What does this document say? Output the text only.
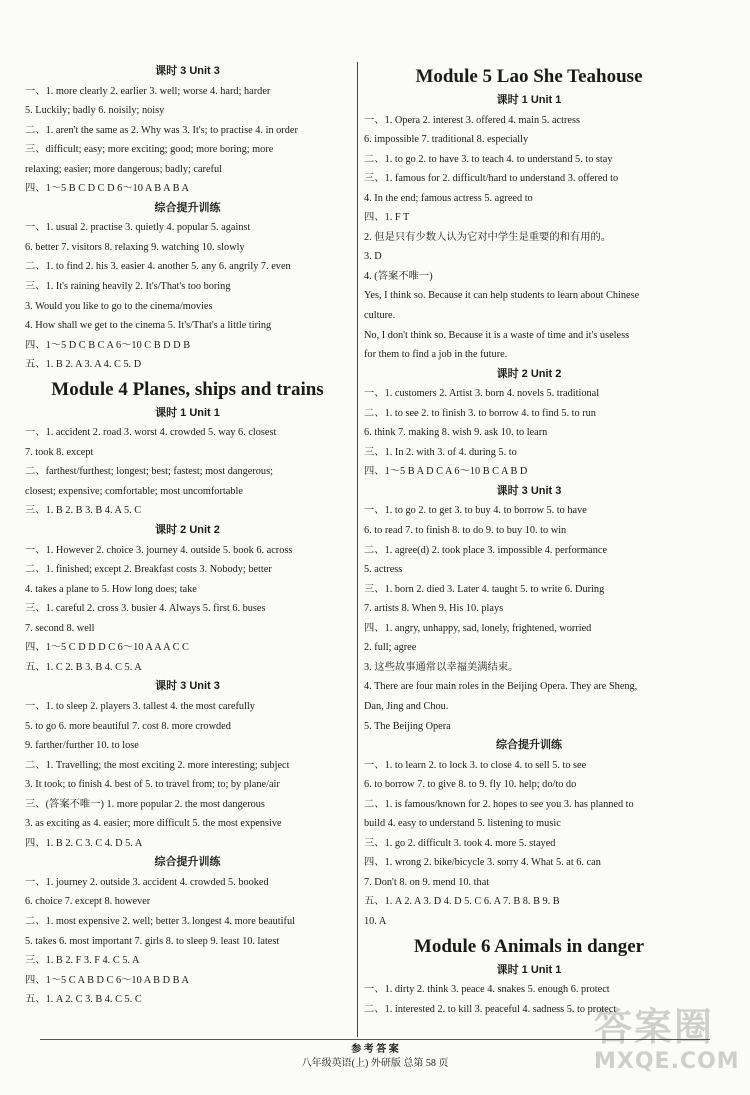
课时 3 Unit 3
一、1. more clearly 2. earlier 3. well; worse 4. hard; harder
5. Luckily; badly 6. noisily; noisy
二、1. aren't the same as 2. Why was 3. It's; to practise 4. in order
三、difficult; easy; more exciting; good; more boring; more
relaxing; easier; more dangerous; badly; careful
四、1～5 B C D C D 6～10 A B A B A
综合提升训练
一、1. usual 2. practise 3. quietly 4. popular 5. against
6. better 7. visitors 8. relaxing 9. watching 10. slowly
二、1. to find 2. his 3. easier 4. another 5. any 6. angrily 7. even
三、1. It's raining heavily 2. It's/That's too boring
3. Would you like to go to the cinema/movies
4. How shall we get to the cinema 5. It's/That's a little tiring
四、1～5 D C B C A 6～10 C B D D B
五、1. B 2. A 3. A 4. C 5. D
Module 4 Planes, ships and trains
课时 1 Unit 1
一、1. accident 2. road 3. worst 4. crowded 5. way 6. closest
7. took 8. except
二、farthest/furthest; longest; best; fastest; most dangerous;
closest; expensive; comfortable; most uncomfortable
三、1. B 2. B 3. B 4. A 5. C
课时 2 Unit 2
一、1. However 2. choice 3. journey 4. outside 5. book 6. across
二、1. finished; except 2. Breakfast costs 3. Nobody; better
4. takes a plane to 5. How long does; take
三、1. careful 2. cross 3. busier 4. Always 5. first 6. buses
7. second 8. well
四、1～5 C D D D C 6～10 A A A C C
五、1. C 2. B 3. B 4. C 5. A
课时 3 Unit 3
一、1. to sleep 2. players 3. tallest 4. the most carefully
5. to go 6. more beautiful 7. cost 8. more crowded
9. farther/further 10. to lose
二、1. Travelling; the most exciting 2. more interesting; subject
3. It took; to finish 4. best of 5. to travel from; to; by plane/air
三、(答案不唯一) 1. more popular 2. the most dangerous
3. as exciting as 4. easier; more difficult 5. the most expensive
四、1. B 2. C 3. C 4. D 5. A
综合提升训练
一、1. journey 2. outside 3. accident 4. crowded 5. booked
6. choice 7. except 8. however
二、1. most expensive 2. well; better 3. longest 4. more beautiful
5. takes 6. most important 7. girls 8. to sleep 9. least 10. latest
三、1. B 2. F 3. F 4. C 5. A
四、1～5 C A B D C 6～10 A B D B A
五、1. A 2. C 3. B 4. C 5. C
Module 5 Lao She Teahouse
课时 1 Unit 1
一、1. Opera 2. interest 3. offered 4. main 5. actress
6. impossible 7. traditional 8. especially
二、1. to go 2. to have 3. to teach 4. to understand 5. to stay
三、1. famous for 2. difficult/hard to understand 3. offered to
4. In the end; famous actress 5. agreed to
四、1. F T
2. 但是只有少数人认为它对中学生是重要的和有用的。
3. D
4. (答案不唯一)
Yes, I think so. Because it can help students to learn about Chinese
culture.
No, I don't think so. Because it is a waste of time and it's useless
for them to find a job in the future.
课时 2 Unit 2
一、1. customers 2. Artist 3. born 4. novels 5. traditional
二、1. to see 2. to finish 3. to borrow 4. to find 5. to run
6. think 7. making 8. wish 9. ask 10. to learn
三、1. In 2. with 3. of 4. during 5. to
四、1～5 B A D C A 6～10 B C A B D
课时 3 Unit 3
一、1. to go 2. to get 3. to buy 4. to borrow 5. to have
6. to read 7. to finish 8. to do 9. to buy 10. to win
二、1. agree(d) 2. took place 3. impossible 4. performance
5. actress
三、1. born 2. died 3. Later 4. taught 5. to write 6. During
7. artists 8. When 9. His 10. plays
四、1. angry, unhappy, sad, lonely, frightened, worried
2. full; agree
3. 这些故事通常以幸福美满结束。
4. There are four main roles in the Beijing Opera. They are Sheng,
Dan, Jing and Chou.
5. The Beijing Opera
综合提升训练
一、1. to learn 2. to lock 3. to close 4. to sell 5. to see
6. to borrow 7. to give 8. to 9. fly 10. help; do/to do
二、1. is famous/known for 2. hopes to see you 3. has planned to
build 4. easy to understand 5. listening to music
三、1. go 2. difficult 3. took 4. more 5. stayed
四、1. wrong 2. bike/bicycle 3. sorry 4. What 5. at 6. can
7. Don't 8. on 9. mend 10. that
五、1. A 2. A 3. D 4. D 5. C 6. A 7. B 8. B 9. B
10. A
Module 6 Animals in danger
课时 1 Unit 1
一、1. dirty 2. think 3. peace 4. snakes 5. enough 6. protect
二、1. interested 2. to kill 3. peaceful 4. sadness 5. to protect
参 考 答 案
八年级英语(上) 外研版 总第 58 页
答案圈
MXQE.COM
